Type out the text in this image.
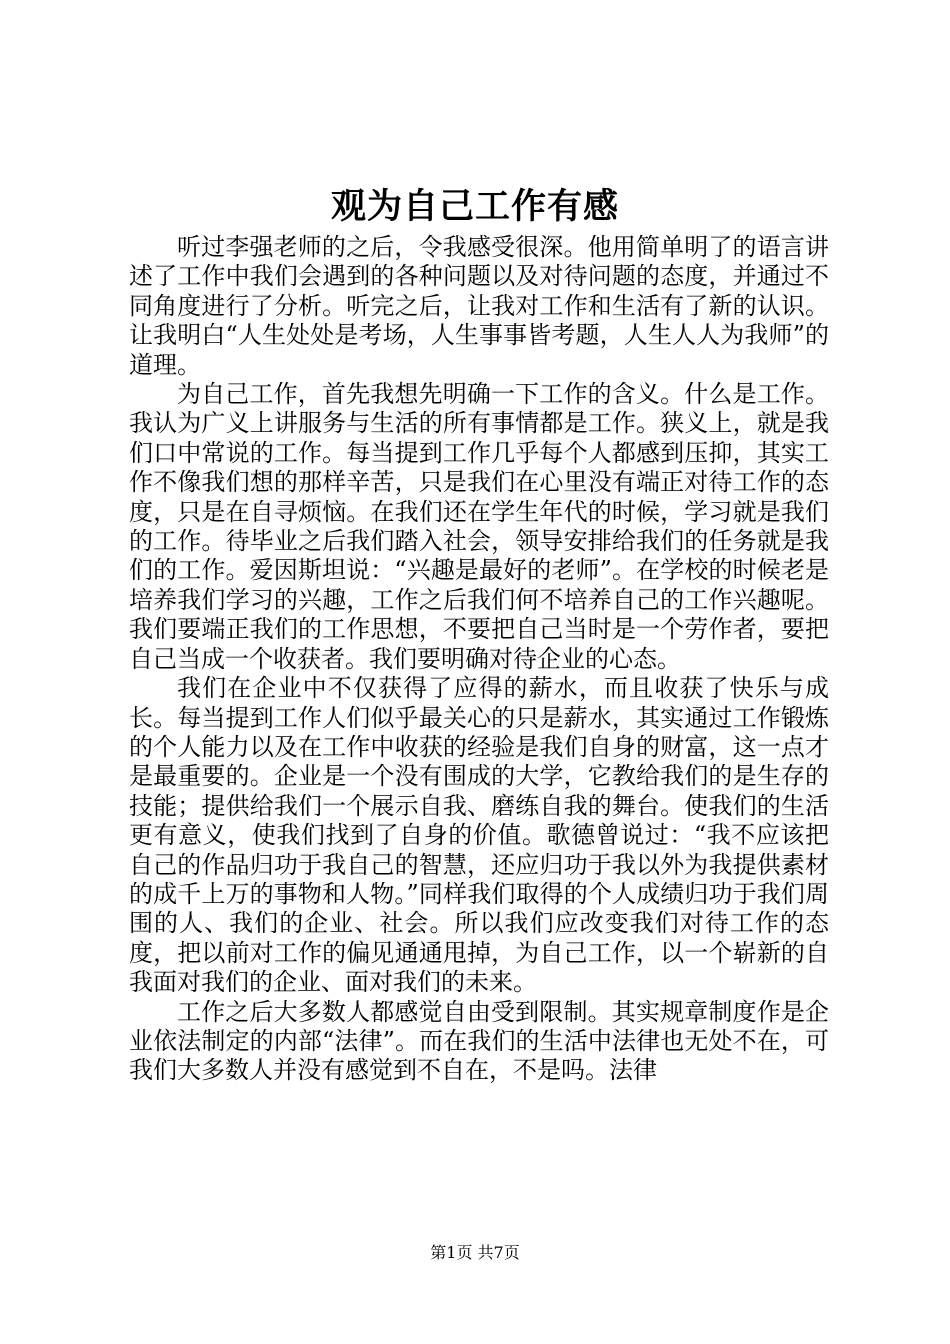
观为自己工作有感

听过李强老师的之后，令我感受很深。他用简单明了的语言讲述了工作中我们会遇到的各种问题以及对待问题的态度，并通过不同角度进行了分析。听完之后，让我对工作和生活有了新的认识。让我明白“人生处处是考场，人生事事皆考题，人生人人为我师”的道理。

为自己工作，首先我想先明确一下工作的含义。什么是工作。我认为广义上讲服务与生活的所有事情都是工作。狭义上，就是我们口中常说的工作。每当提到工作几乎每个人都感到压抑，其实工作不像我们想的那样辛苦，只是我们在心里没有端正对待工作的态度，只是在自寻烦恼。在我们还在学生年代的时候，学习就是我们的工作。待毕业之后我们踏入社会，领导安排给我们的任务就是我们的工作。爱因斯坦说：“兴趣是最好的老师”。在学校的时候老是培养我们学习的兴趣，工作之后我们何不培养自己的工作兴趣呢。我们要端正我们的工作思想，不要把自己当时是一个劳作者，要把自己当成一个收获者。我们要明确对待企业的心态。

我们在企业中不仅获得了应得的薪水，而且收获了快乐与成长。每当提到工作人们似乎最关心的只是薪水，其实通过工作锻炼的个人能力以及在工作中收获的经验是我们自身的财富，这一点才是最重要的。企业是一个没有围成的大学，它教给我们的是生存的技能；提供给我们一个展示自我、磨练自我的舞台。使我们的生活更有意义，使我们找到了自身的价值。歌德曾说过：“我不应该把自己的作品归功于我自己的智慧，还应归功于我以外为我提供素材的成千上万的事物和人物。”同样我们取得的个人成绩归功于我们周围的人、我们的企业、社会。所以我们应改变我们对待工作的态度，把以前对工作的偏见通通甩掉，为自己工作，以一个崭新的自我面对我们的企业、面对我们的未来。

工作之后大多数人都感觉自由受到限制。其实规章制度作是企业依法制定的内部“法律”。而在我们的生活中法律也无处不在，可我们大多数人并没有感觉到不自在，不是吗。法律

第1页 共7页
